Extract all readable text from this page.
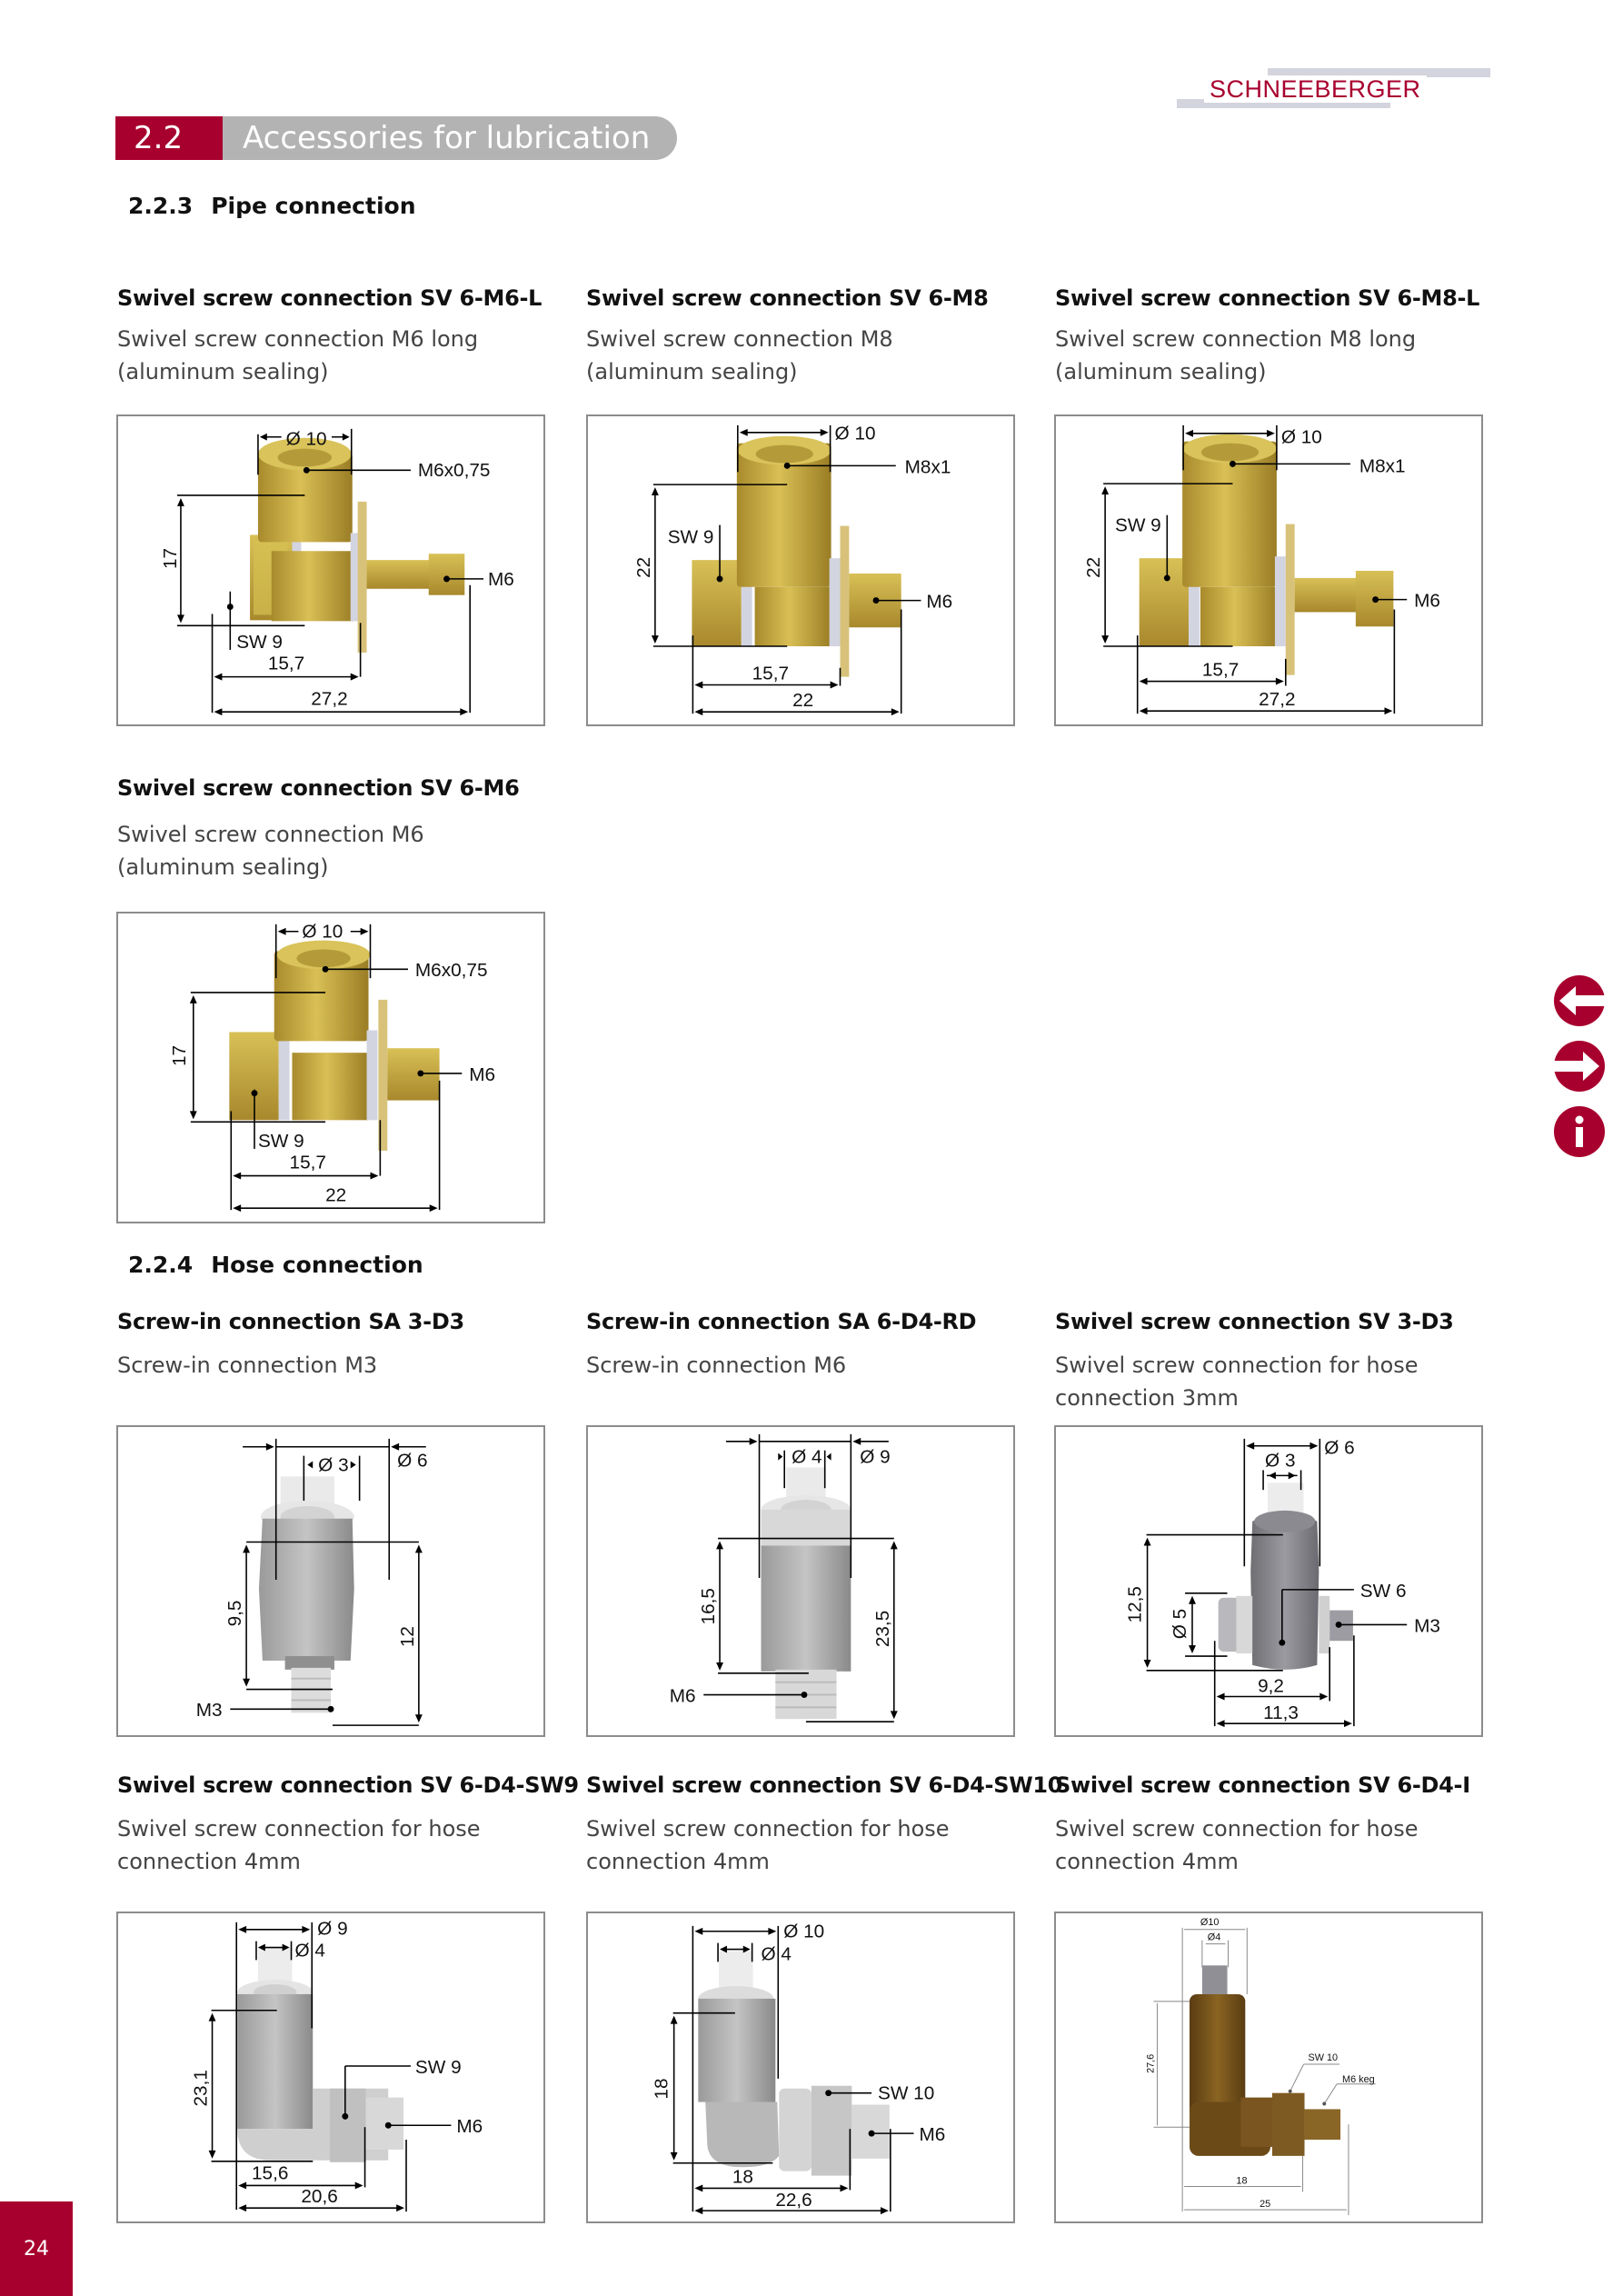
SCHNEEBERGER
2.2	Accessories for lubrication
2.2.3 Pipe connection
Swivel screw connection SV 6-M6-L
Swivel screw connection M6 long
(aluminum sealing)
Swivel screw connection SV 6-M8
Swivel screw connection M8
(aluminum sealing)
Swivel screw connection SV 6-M8-L
Swivel screw connection M8 long
(aluminum sealing)
Ø 10
M6x0,75
17
SW 9
15,7
27,2
M6
Ø 10
M8x1
22
SW 9
15,7
22
M6
Ø 10
M8x1
22
SW 9
15,7
27,2
M6
Swivel screw connection SV 6-M6
Swivel screw connection M6
(aluminum sealing)
Ø 10
M6x0,75
17
SW 9
15,7
22
M6
2.2.4 Hose connection
Screw-in connection SA 3-D3
Screw-in connection M3
Screw-in connection SA 6-D4-RD
Screw-in connection M6
Swivel screw connection SV 3-D3
Swivel screw connection for hose
connection 3mm
Ø 3	Ø 6
9,5
12
M3
Ø 4 Ø 9
16,5
23,5
M6
Ø 6
Ø 3
12,5
Ø 5
SW 6
M3
9,2
11,3
Swivel screw connection SV 6-D4-SW9
Swivel screw connection for hose
connection 4mm
Swivel screw connection SV 6-D4-SW10
Swivel screw connection for hose
connection 4mm
Swivel screw connection SV 6-D4-I
Swivel screw connection for hose
connection 4mm
Ø 9
Ø 4
23,1
SW 9
M6
15,6
20,6
Ø 10
Ø 4
18	SW 10
M6
18
22,6
Ø10
Ø4
27,6	SW 10
M6 keg
18
25
24
